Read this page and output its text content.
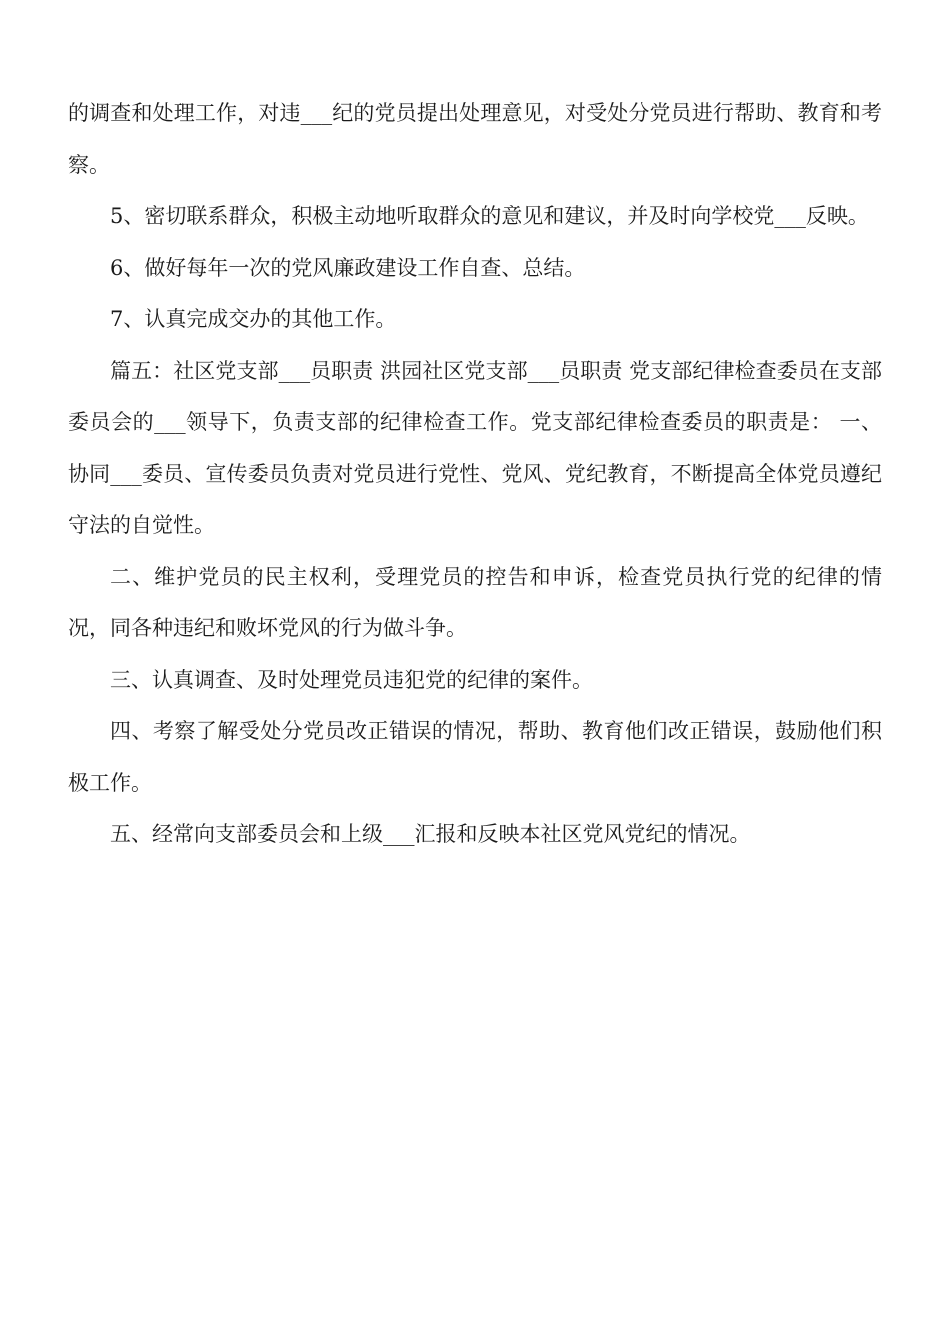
的调查和处理工作，对违___纪的党员提出处理意见，对受处分党员进行帮助、教育和考察。

5、密切联系群众，积极主动地听取群众的意见和建议，并及时向学校党___反映。

6、做好每年一次的党风廉政建设工作自查、总结。

7、认真完成交办的其他工作。

篇五：社区党支部___员职责 洪园社区党支部___员职责 党支部纪律检查委员在支部委员会的___领导下，负责支部的纪律检查工作。党支部纪律检查委员的职责是： 一、协同___委员、宣传委员负责对党员进行党性、党风、党纪教育，不断提高全体党员遵纪守法的自觉性。

二、维护党员的民主权利，受理党员的控告和申诉，检查党员执行党的纪律的情况，同各种违纪和败坏党风的行为做斗争。

三、认真调查、及时处理党员违犯党的纪律的案件。

四、考察了解受处分党员改正错误的情况，帮助、教育他们改正错误，鼓励他们积极工作。

五、经常向支部委员会和上级___汇报和反映本社区党风党纪的情况。
